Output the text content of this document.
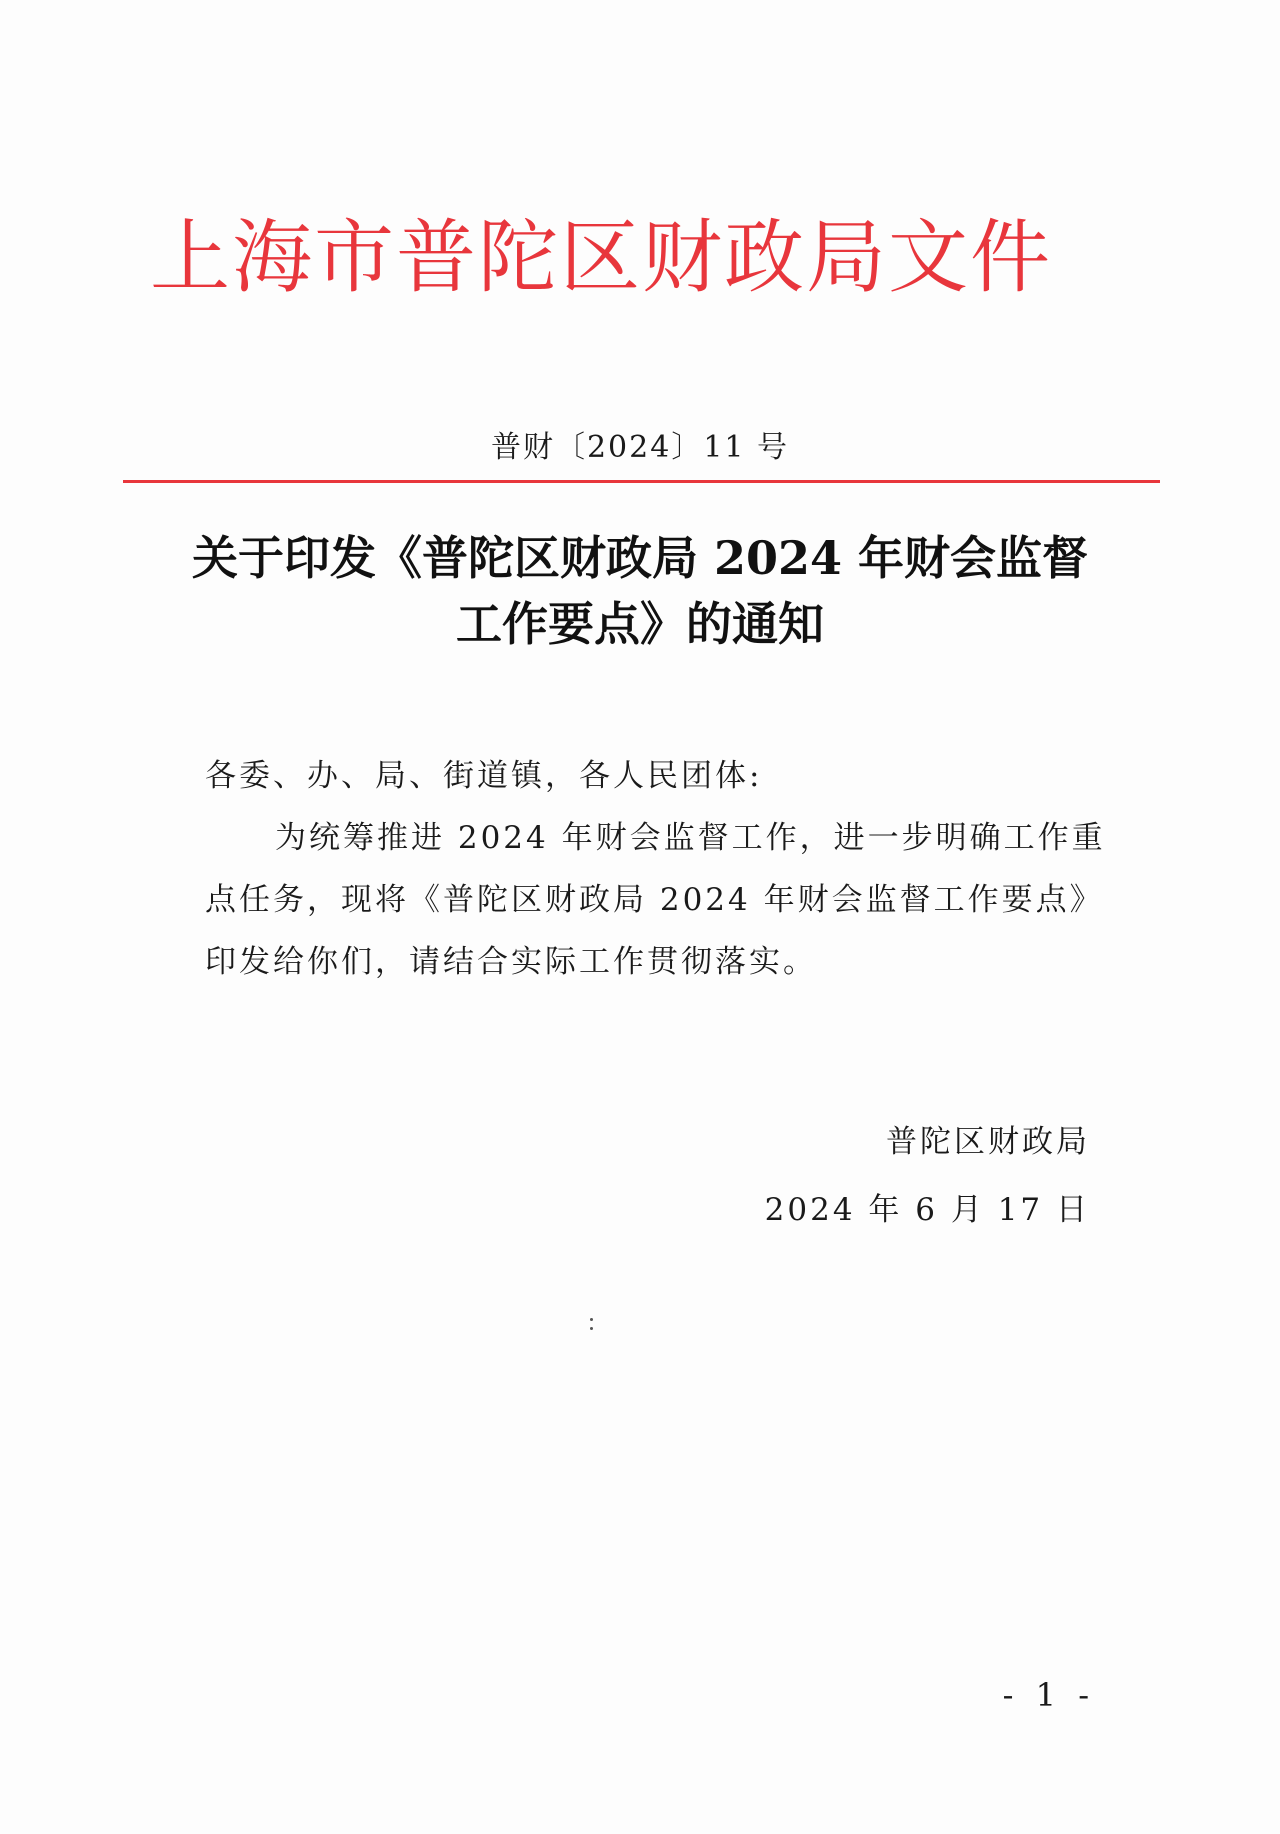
上海市普陀区财政局文件
普财〔2024〕11 号
关于印发《普陀区财政局 2024 年财会监督
工作要点》的通知
各委、办、局、街道镇，各人民团体:
为统筹推进 2024 年财会监督工作，进一步明确工作重
点任务，现将《普陀区财政局 2024 年财会监督工作要点》
印发给你们，请结合实际工作贯彻落实。
普陀区财政局
2024 年 6 月 17 日
- 1 -
